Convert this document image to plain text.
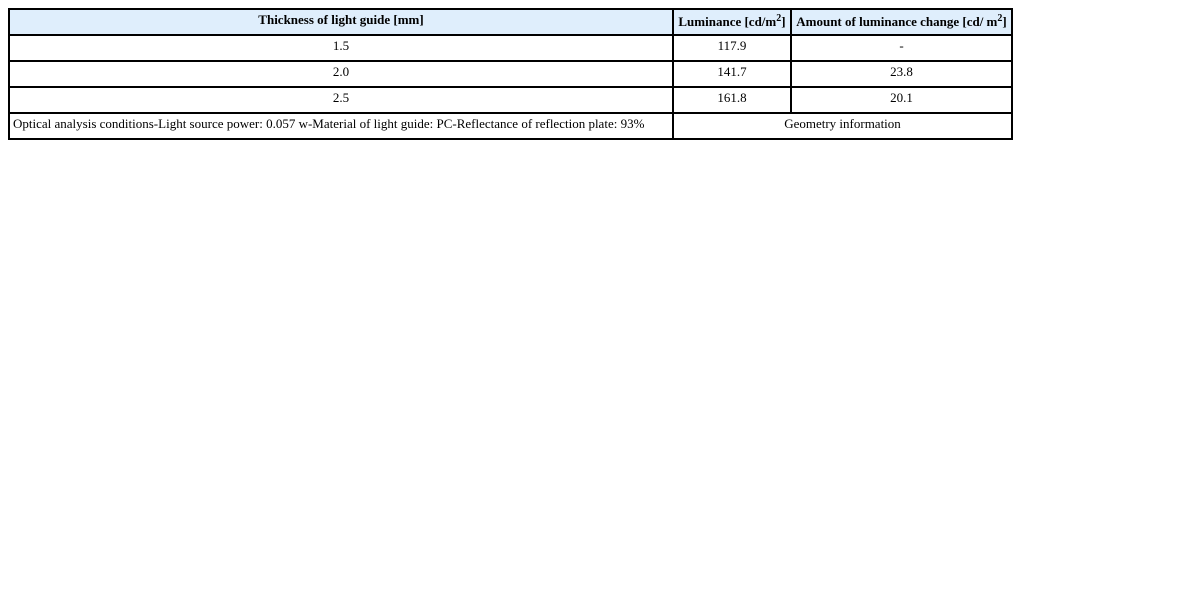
Thickness of light guide [mm]	Luminance $[cd/m^2]$	Amount of luminance change [cd/ $m^2$]
1.5	117.9	-
2.0	141.7	23.8
2.5	161.8	20.1
Optical analysis conditions-Light source power: 0.057 w-Material of light guide: PC-Reflectance of reflection plate: 93%	Geometry information	
